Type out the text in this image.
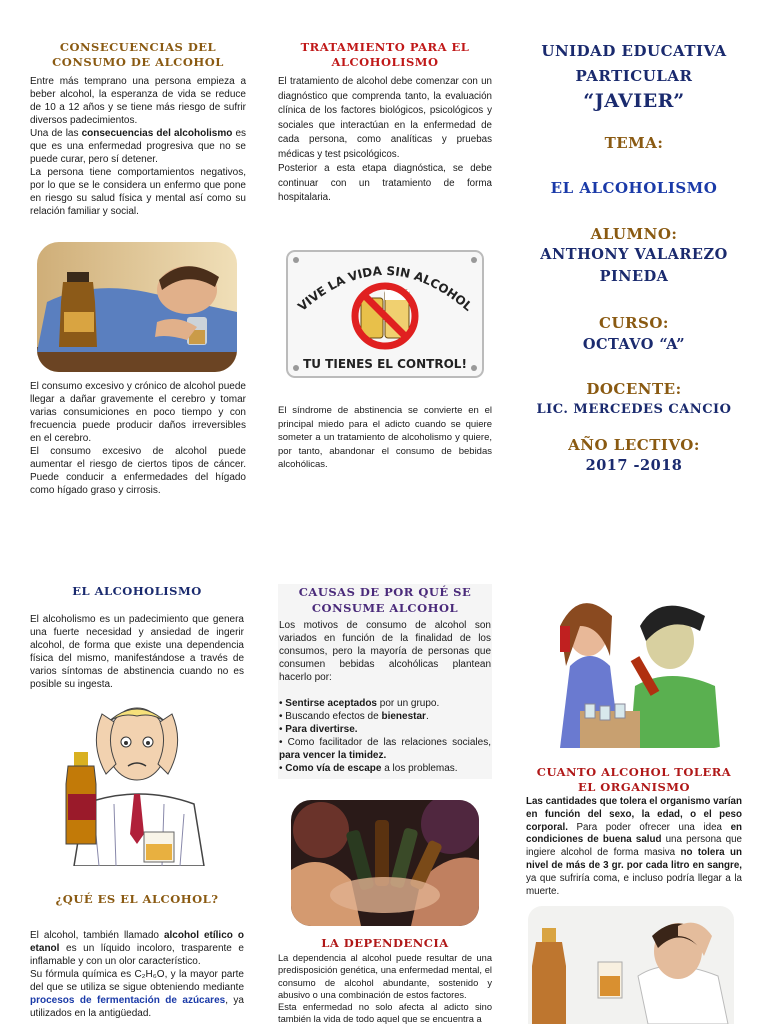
CONSECUENCIAS DEL CONSUMO DE ALCOHOL

Entre más temprano una persona empieza a beber alcohol, la esperanza de vida se reduce de 10 a 12 años y se tiene más riesgo de sufrir diversos padecimientos.

Una de las consecuencias del alcoholismo es que es una enfermedad progresiva que no se puede curar, pero sí detener.

La persona tiene comportamientos negativos, por lo que se le considera un enfermo que pone en riesgo su salud física y mental así como su relación familiar y social.

El consumo excesivo y crónico de alcohol puede llegar a dañar gravemente el cerebro y tomar varias consumiciones en poco tiempo y con frecuencia puede producir daños irreversibles en el cerebro.

El consumo excesivo de alcohol puede aumentar el riesgo de ciertos tipos de cáncer. Puede conducir a enfermedades del hígado como hígado graso y cirrosis.

TRATAMIENTO PARA EL ALCOHOLISMO

El tratamiento de alcohol debe comenzar con un diagnóstico que comprenda tanto, la evaluación clínica de los factores biológicos, psicológicos y sociales que interactúan en la enfermedad de cada persona, como analíticas y pruebas médicas y test psicológicos.

Posterior a esta etapa diagnóstica, se debe continuar con un tratamiento de forma hospitalaria.

VIVE LA VIDA SIN ALCOHOL
TU TIENES EL CONTROL!

El síndrome de abstinencia se convierte en el principal miedo para el adicto cuando se quiere someter a un tratamiento de alcoholismo y quiere, por tanto, abandonar el consumo de bebidas alcohólicas.

UNIDAD EDUCATIVA
PARTICULAR
“JAVIER”
TEMA:
EL ALCOHOLISMO
ALUMNO:
ANTHONY VALAREZO
PINEDA
CURSO:
OCTAVO “A”
DOCENTE:
LIC. MERCEDES CANCIO
AÑO LECTIVO:
2017 -2018
EL ALCOHOLISMO

El alcoholismo es un padecimiento que genera una fuerte necesidad y ansiedad de ingerir alcohol, de forma que existe una dependencia física del mismo, manifestándose a través de varios síntomas de abstinencia cuando no es posible su ingesta.

¿QUÉ ES EL ALCOHOL?

El alcohol, también llamado alcohol etílico o etanol es un líquido incoloro, trasparente e inflamable y con un olor característico.

Su fórmula química es C₂H₆O, y la mayor parte del que se utiliza se sigue obteniendo mediante procesos de fermentación de azúcares, ya utilizados en la antigüedad.

CAUSAS DE POR QUÉ SE CONSUME ALCOHOL

Los motivos de consumo de alcohol son variados en función de la finalidad de los consumos, pero la mayoría de personas que consumen bebidas alcohólicas plantean hacerlo por:

• Sentirse aceptados por un grupo.
• Buscando efectos de bienestar.
• Para divertirse.
• Como facilitador de las relaciones sociales, para vencer la timidez.
• Como vía de escape a los problemas.
LA DEPENDENCIA

La dependencia al alcohol puede resultar de una predisposición genética, una enfermedad mental, el consumo de alcohol abundante, sostenido y abusivo o una combinación de estos factores.

Esta enfermedad no solo afecta al adicto sino también la vida de todo aquel que se encuentra a

CUANTO ALCOHOL TOLERA EL ORGANISMO

Las cantidades que tolera el organismo varían en función del sexo, la edad, o el peso corporal. Para poder ofrecer una idea en condiciones de buena salud una persona que ingiere alcohol de forma masiva no tolera un nivel de más de 3 gr. por cada litro en sangre, ya que sufriría coma, e incluso podría llegar a la muerte.
